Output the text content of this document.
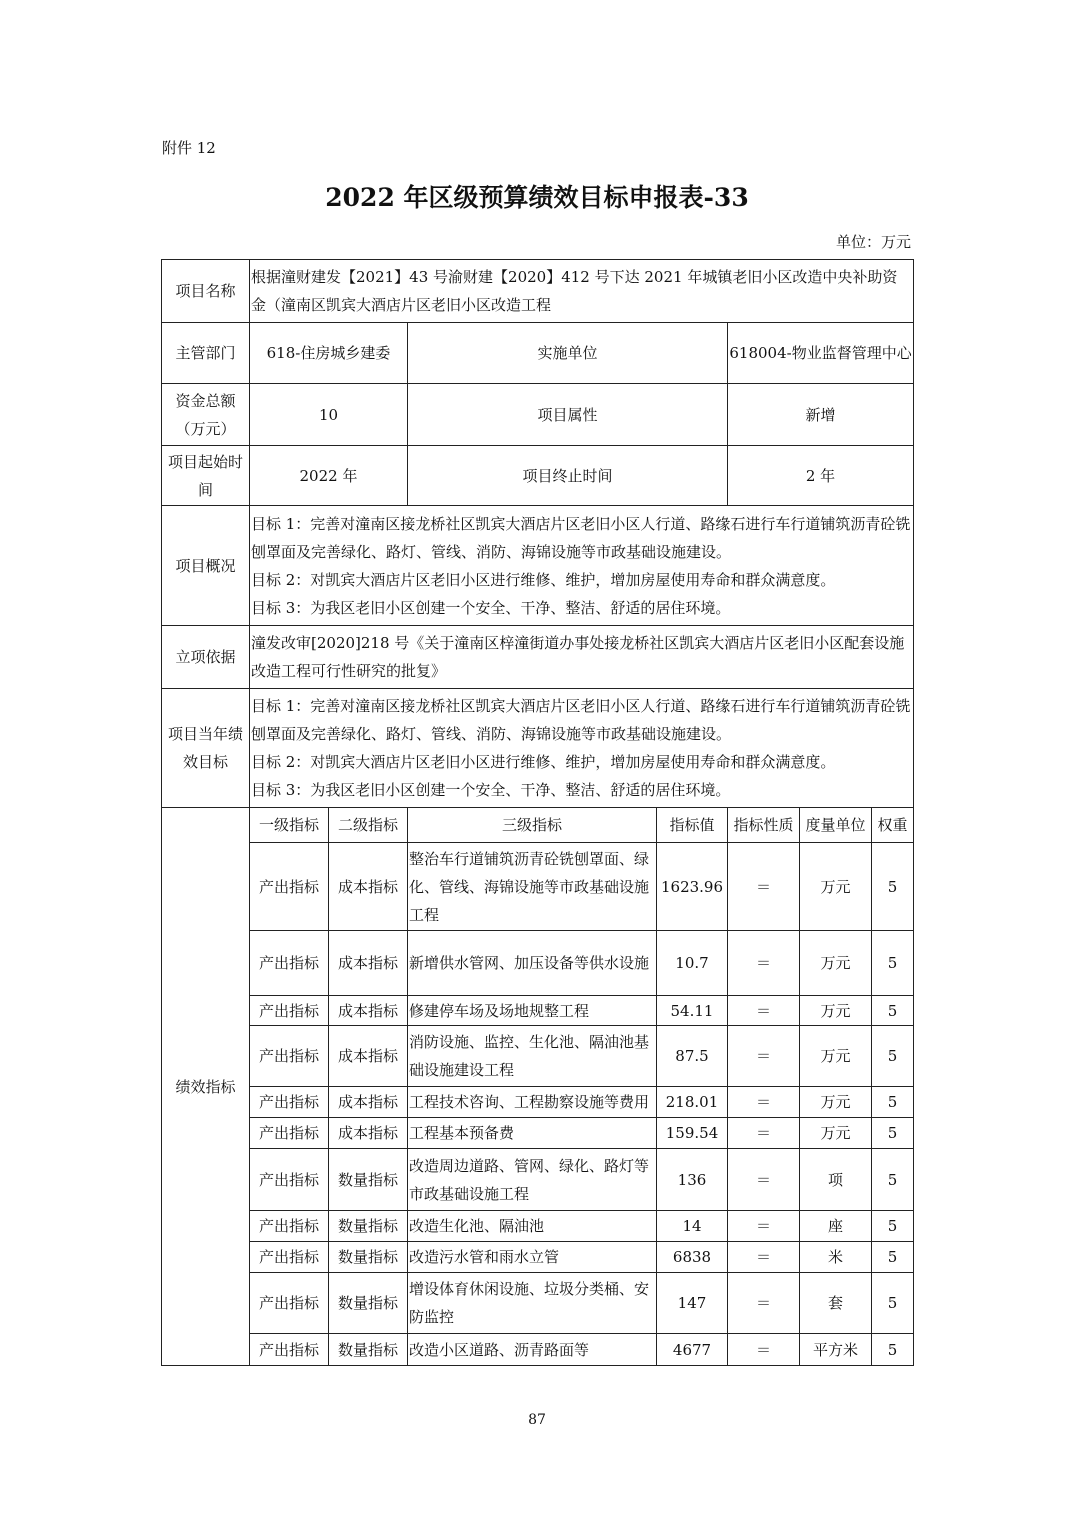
附件 12
2022 年区级预算绩效目标申报表-33
单位：万元
项目名称	根据潼财建发【2021】43 号渝财建【2020】412 号下达 2021 年城镇老旧小区改造中央补助资金（潼南区凯宾大酒店片区老旧小区改造工程						
主管部门	618-住房城乡建委		实施单位		618004-物业监督管理中心		
资金总额（万元）	10		项目属性		新增		
项目起始时间	2022 年		项目终止时间		2 年		
项目概况	目标 1：完善对潼南区接龙桥社区凯宾大酒店片区老旧小区人行道、路缘石进行车行道铺筑沥青砼铣刨罩面及完善绿化、路灯、管线、消防、海锦设施等市政基础设施建设。
目标 2：对凯宾大酒店片区老旧小区进行维修、维护，增加房屋使用寿命和群众满意度。
目标 3：为我区老旧小区创建一个安全、干净、整洁、舒适的居住环境。						

立项依据	潼发改审[2020]218 号《关于潼南区梓潼街道办事处接龙桥社区凯宾大酒店片区老旧小区配套设施改造工程可行性研究的批复》						
项目当年绩效目标	目标 1：完善对潼南区接龙桥社区凯宾大酒店片区老旧小区人行道、路缘石进行车行道铺筑沥青砼铣刨罩面及完善绿化、路灯、管线、消防、海锦设施等市政基础设施建设。
目标 2：对凯宾大酒店片区老旧小区进行维修、维护，增加房屋使用寿命和群众满意度。
目标 3：为我区老旧小区创建一个安全、干净、整洁、舒适的居住环境。						

绩效指标	一级指标	二级指标	三级指标	指标值	指标性质	度量单位	权重
	产出指标	成本指标	整治车行道铺筑沥青砼铣刨罩面、绿化、管线、海锦设施等市政基础设施工程	1623.96	＝	万元	5
	产出指标	成本指标	新增供水管网、加压设备等供水设施	10.7	＝	万元	5
	产出指标	成本指标	修建停车场及场地规整工程	54.11	＝	万元	5
	产出指标	成本指标	消防设施、监控、生化池、隔油池基础设施建设工程	87.5	＝	万元	5
	产出指标	成本指标	工程技术咨询、工程勘察设施等费用	218.01	＝	万元	5
	产出指标	成本指标	工程基本预备费	159.54	＝	万元	5
	产出指标	数量指标	改造周边道路、管网、绿化、路灯等市政基础设施工程	136	＝	项	5
	产出指标	数量指标	改造生化池、隔油池	14	＝	座	5
	产出指标	数量指标	改造污水管和雨水立管	6838	＝	米	5
	产出指标	数量指标	增设体育休闲设施、垃圾分类桶、安防监控	147	＝	套	5
	产出指标	数量指标	改造小区道路、沥青路面等	4677	＝	平方米	5
87
